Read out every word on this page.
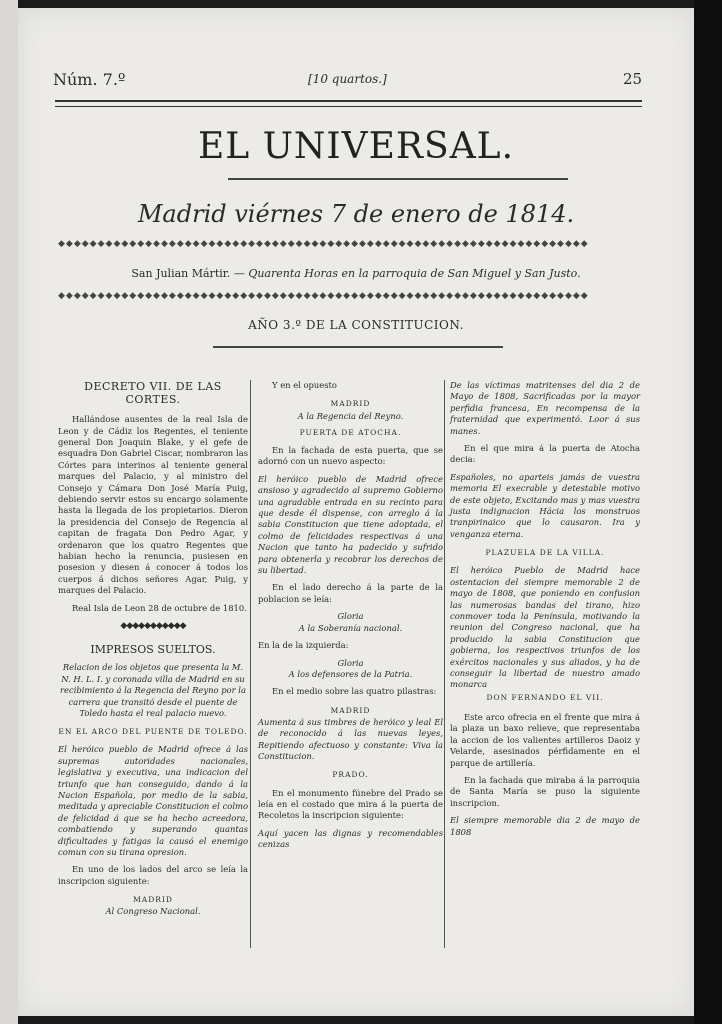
Núm. 7.º	[10 quartos.]	25
EL UNIVERSAL.
Madrid viérnes 7 de enero de 1814.
◆◆◆◆◆◆◆◆◆◆◆◆◆◆◆◆◆◆◆◆◆◆◆◆◆◆◆◆◆◆◆◆◆◆◆◆◆◆◆◆◆◆◆◆◆◆◆◆◆◆◆◆◆◆◆◆◆◆◆◆◆◆◆◆◆◆◆
San Julian Mártir. — Quarenta Horas en la parroquia de San Miguel y San Justo.
◆◆◆◆◆◆◆◆◆◆◆◆◆◆◆◆◆◆◆◆◆◆◆◆◆◆◆◆◆◆◆◆◆◆◆◆◆◆◆◆◆◆◆◆◆◆◆◆◆◆◆◆◆◆◆◆◆◆◆◆◆◆◆◆◆◆◆
AÑO 3.º DE LA CONSTITUCION.
DECRETO VII. DE LAS CORTES.
Hallándose ausentes de la real Isla de Leon y de Cádiz los Regentes, el teniente general Don Joaquin Blake, y el gefe de esquadra Don Gabriel Ciscar, nombraron las Córtes para interinos al teniente general marques del Palacio, y al ministro del Consejo y Cámara Don José María Puig, debiendo servir estos su encargo solamente hasta la llegada de los propietarios. Dieron la presidencia del Consejo de Regencia al capitan de fragata Don Pedro Agar, y ordenaron que los quatro Regentes que habian hecho la renuncia, pusiesen en posesion y diesen á conocer á todos los cuerpos á dichos señores Agar, Puig, y marques del Palacio.
Real Isla de Leon 28 de octubre de 1810.
◆◆◆◆◆◆◆◆◆◆◆
IMPRESOS SUELTOS.
Relacion de los objetos que presenta la M. N. H. L. I. y coronada villa de Madrid en su recibimiento á la Regencia del Reyno por la carrera que transitó desde el puente de Toledo hasta el real palacio nuevo.
EN EL ARCO DEL PUENTE DE TOLEDO.
El heróico pueblo de Madrid ofrece á las supremas autoridades nacionales, legislativa y executiva, una indicacion del triunfo que han conseguido, dando á la Nacion Española, por medio de la sabia, meditada y apreciable Constitucion el colmo de felicidad á que se ha hecho acreedora, combatiendo y superando quantas dificultades y fatigas la causó el enemigo comun con su tirana opresion.
En uno de los lados del arco se leía la inscripcion siguiente:
MADRID
Al Congreso Nacional.
Y en el opuesto
MADRID
A la Regencia del Reyno.
PUERTA DE ATOCHA.
En la fachada de esta puerta, que se adornó con un nuevo aspecto:
El heróico pueblo de Madrid ofrece ansioso y agradecido al supremo Gobierno una agradable entrada en su recinto para que desde él dispense, con arreglo á la sabia Constitucion que tiene adoptada, el colmo de felicidades respectivas á una Nacion que tanto ha padecido y sufrido para obtenerla y recobrar los derechos de su libertad.
En el lado derecho á la parte de la poblacion se leía:
Gloria
A la Soberanía nacional.
En la de la izquierda:
Gloria
A los defensores de la Patria.
En el medio sobre las quatro pilastras:
MADRID
Aumenta á sus timbres de heróico y leal El de reconocido á las nuevas leyes, Repitiendo afectuoso y constante: Viva la Constitucion.
PRADO.
En el monumento fúnebre del Prado se leía en el costado que mira á la puerta de Recoletos la inscripcion siguiente:
Aquí yacen las dignas y recomendables cenizas
De las víctimas matritenses del dia 2 de Mayo de 1808, Sacrificadas por la mayor perfidia francesa, En recompensa de la fraternidad que experimentó. Loor á sus manes.
En el que mira á la puerta de Atocha decia:
Españoles, no aparteis jamás de vuestra memoria El execrable y detestable motivo de este objeto, Excitando mas y mas vuestra justa indignacion Hácia los monstruos tranpirinaico que lo causaron. Ira y venganza eterna.
PLAZUELA DE LA VILLA.
El heróico Pueblo de Madrid hace ostentacion del siempre memorable 2 de mayo de 1808, que poniendo en confusion las numerosas bandas del tirano, hizo conmover toda la Península, motivando la reunion del Congreso nacional, que ha producido la sabia Constitucion que gobierna, los respectivos triunfos de los exércitos nacionales y sus aliados, y ha de conseguir la libertad de nuestro amado monarca
DON FERNANDO EL VII.
Este arco ofrecia en el frente que mira á la plaza un baxo relieve, que representaba la accion de los valientes artilleros Daoiz y Velarde, asesinados pérfidamente en el parque de artillería.
En la fachada que miraba á la parroquia de Santa María se puso la siguiente inscripcion.
El siempre memorable dia 2 de mayo de 1808
